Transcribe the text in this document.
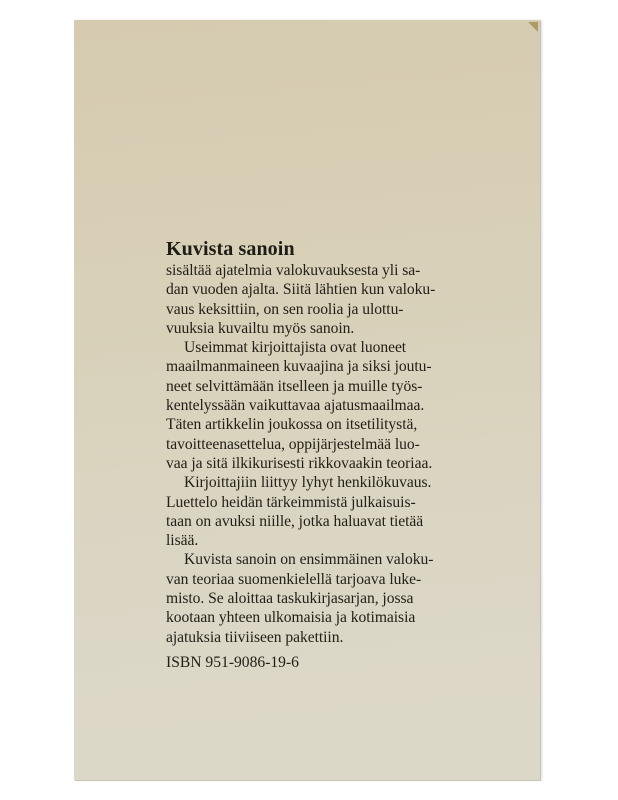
Kuvista sanoin
sisältää ajatelmia valokuvauksesta yli sa-
dan vuoden ajalta. Siitä lähtien kun valoku-
vaus keksittiin, on sen roolia ja ulottu-
vuuksia kuvailtu myös sanoin.
Useimmat kirjoittajista ovat luoneet
maailmanmaineen kuvaajina ja siksi joutu-
neet selvittämään itselleen ja muille työs-
kentelyssään vaikuttavaa ajatusmaailmaa.
Täten artikkelin joukossa on itsetilitystä,
tavoitteenasettelua, oppijärjestelmää luo-
vaa ja sitä ilkikurisesti rikkovaakin teoriaa.
Kirjoittajiin liittyy lyhyt henkilökuvaus.
Luettelo heidän tärkeimmistä julkaisuis-
taan on avuksi niille, jotka haluavat tietää
lisää.
Kuvista sanoin on ensimmäinen valoku-
van teoriaa suomenkielellä tarjoava luke-
misto. Se aloittaa taskukirjasarjan, jossa
kootaan yhteen ulkomaisia ja kotimaisia
ajatuksia tiiviiseen pakettiin.
ISBN 951-9086-19-6
